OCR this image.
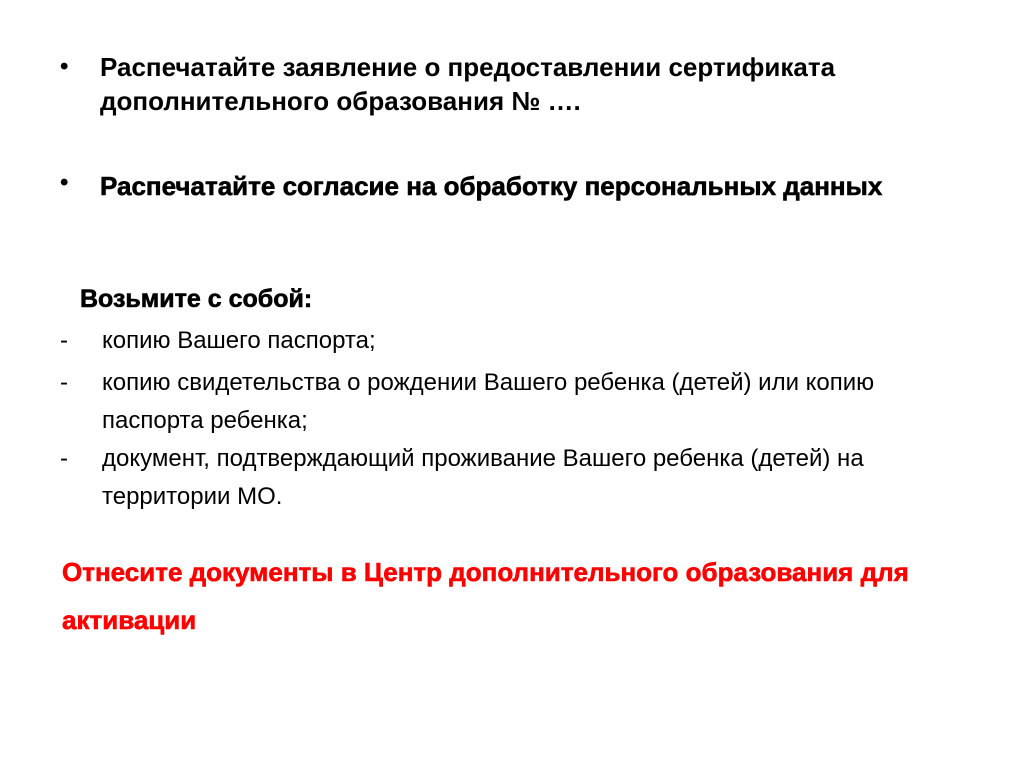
•	Распечатайте заявление о предоставлении сертификата дополнительного образования № ….
•	Распечатайте согласие на обработку персональных данных
Возьмите с собой:
-	копию Вашего паспорта;
-	копию свидетельства о рождении Вашего ребенка (детей) или копию паспорта ребенка;
-	документ, подтверждающий проживание Вашего ребенка (детей) на территории МО.
Отнесите документы в Центр дополнительного образования для активации
